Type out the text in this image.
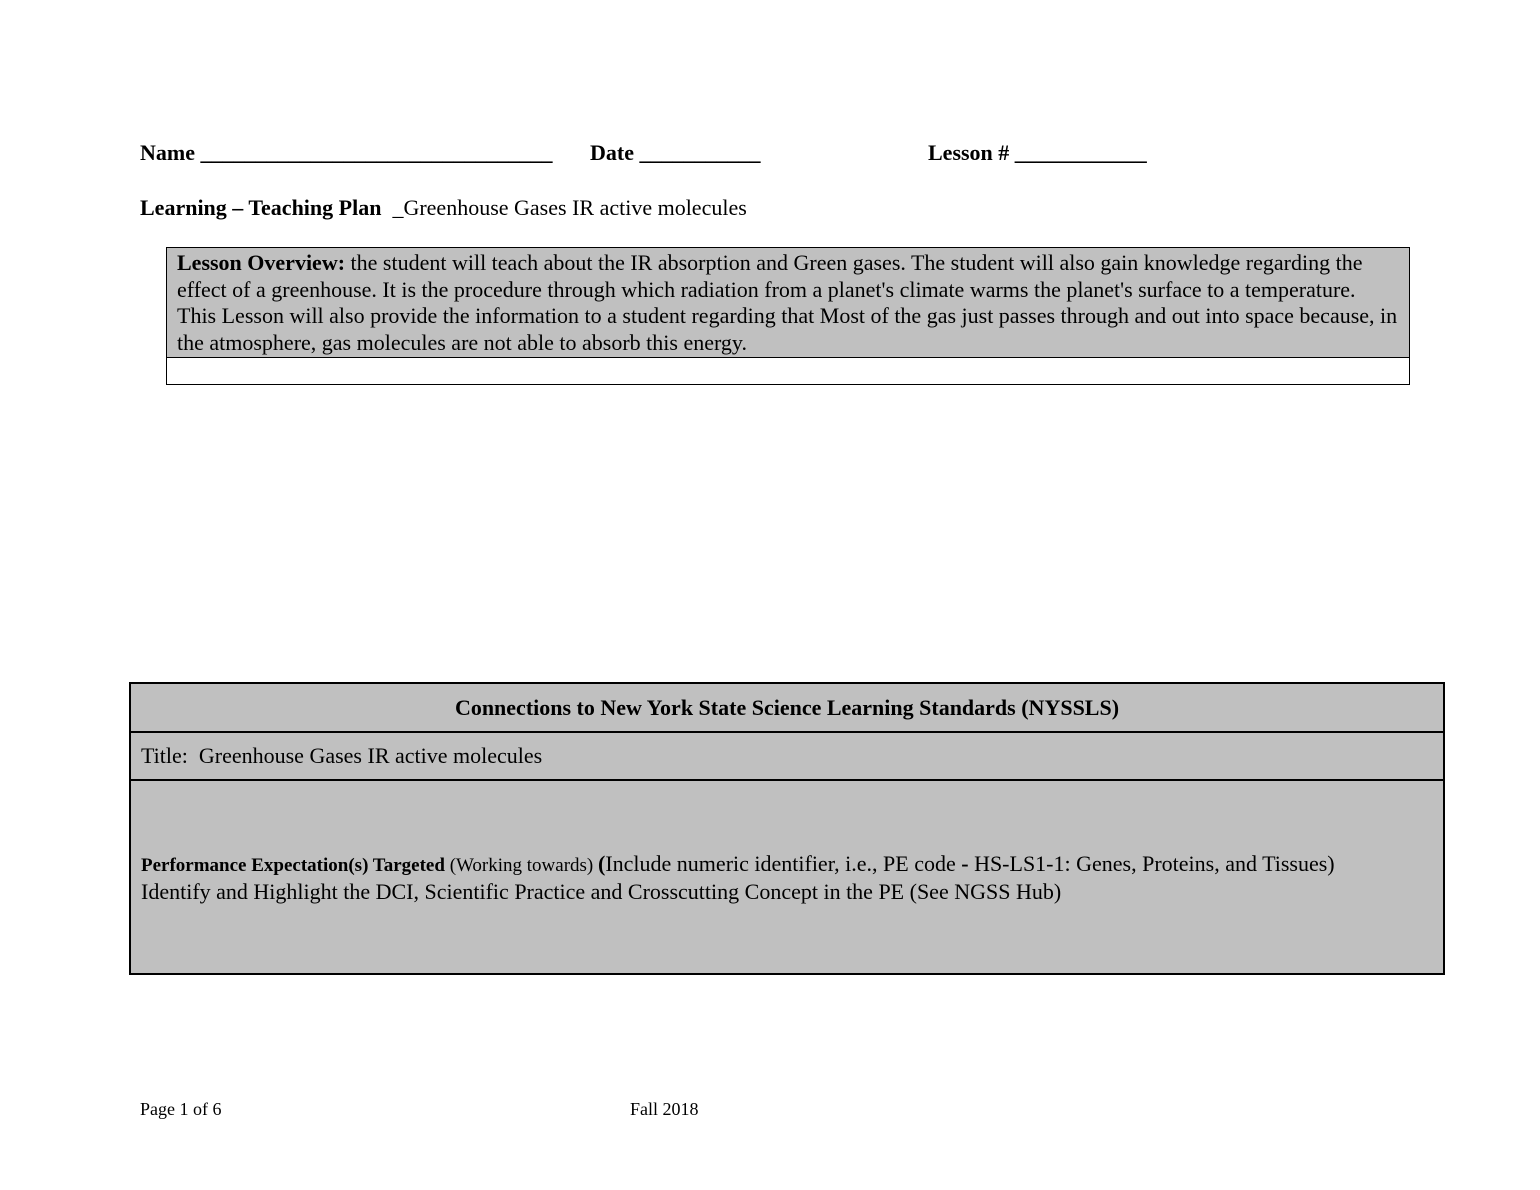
Name ________________________________ Date ___________	Lesson # ____________
Learning – Teaching Plan _Greenhouse Gases IR active molecules
Lesson Overview: the student will teach about the IR absorption and Green gases. The student will also gain knowledge regarding the effect of a greenhouse. It is the procedure through which radiation from a planet's climate warms the planet's surface to a temperature. This Lesson will also provide the information to a student regarding that Most of the gas just passes through and out into space because, in the atmosphere, gas molecules are not able to absorb this energy.
Connections to New York State Science Learning Standards (NYSSLS)
Title:  Greenhouse Gases IR active molecules
Performance Expectation(s) Targeted (Working towards) (Include numeric identifier, i.e., PE code - HS-LS1-1: Genes, Proteins, and Tissues)
Identify and Highlight the DCI, Scientific Practice and Crosscutting Concept in the PE (See NGSS Hub)
Page 1 of 6	Fall 2018
